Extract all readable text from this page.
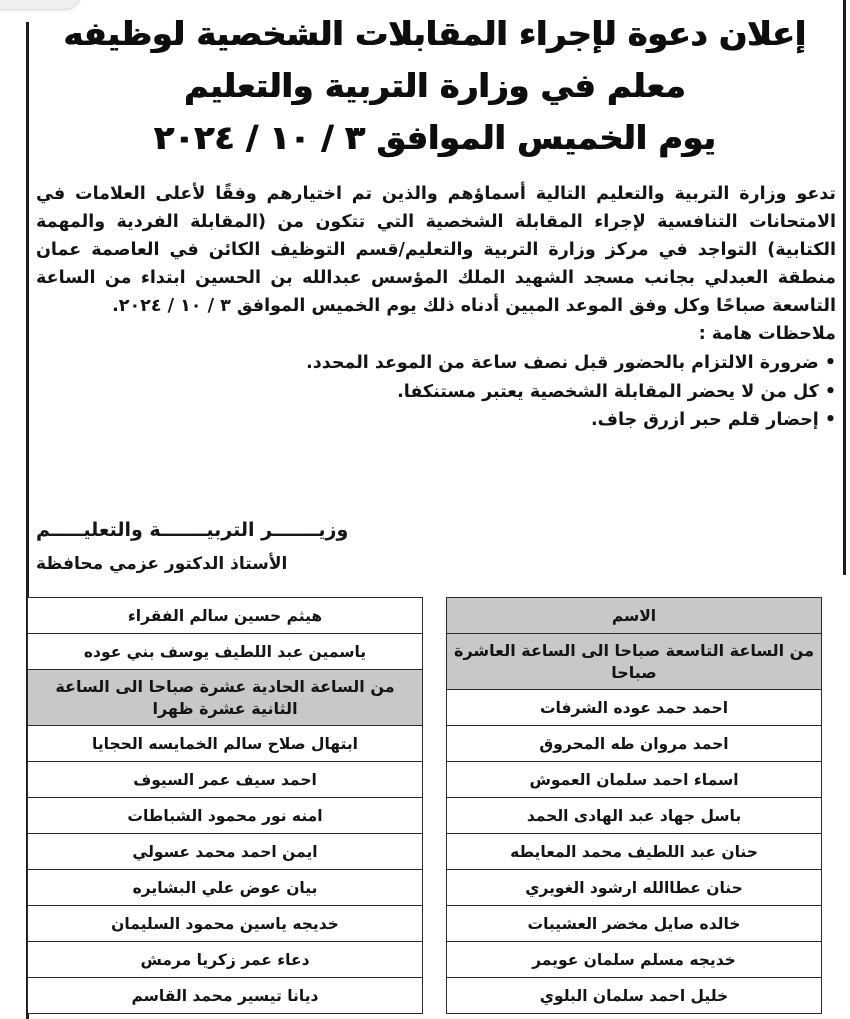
إعلان دعوة لإجراء المقابلات الشخصية لوظيفه
معلم في وزارة التربية والتعليم
يوم الخميس الموافق ٣ / ١٠ / ٢٠٢٤

تدعو وزارة التربية والتعليم التالية أسماؤهم والذين تم اختيارهم وفقًا لأعلى العلامات في الامتحانات التنافسية لإجراء المقابلة الشخصية التي تتكون من (المقابلة الفردية والمهمة الكتابية) التواجد في مركز وزارة التربية والتعليم/قسم التوظيف الكائن في العاصمة عمان منطقة العبدلي بجانب مسجد الشهيد الملك المؤسس عبدالله بن الحسين ابتداء من الساعة التاسعة صباحًا وكل وفق الموعد المبين أدناه ذلك يوم الخميس الموافق ٣ / ١٠ / ٢٠٢٤.

ملاحظات هامة :
• ضرورة الالتزام بالحضور قبل نصف ساعة من الموعد المحدد.
• كل من لا يحضر المقابلة الشخصية يعتبر مستنكفا.
• إحضار قلم حبر ازرق جاف.
وزيـــــــر التربيـــــــة والتعليـــــم
الأستاذ الدكتور عزمي محافظة
الاسم
من الساعة التاسعة صباحا الى الساعة العاشرة صباحا
احمد حمد عوده الشرفات
احمد مروان طه المحروق
اسماء احمد سلمان العموش
باسل جهاد عبد الهادى الحمد
حنان عبد اللطيف محمد المعايطه
حنان عطاالله ارشود الغويري
خالده صايل مخضر العشيبات
خديجه مسلم سلمان عويمر
خليل احمد سلمان البلوي
هيثم حسين سالم الفقراء
ياسمين عبد اللطيف يوسف بني عوده
من الساعة الحادية عشرة صباحا الى الساعة الثانية عشرة ظهرا
ابتهال صلاح سالم الخمايسه الحجايا
احمد سيف عمر السيوف
امنه نور محمود الشباطات
ايمن احمد محمد عسولي
بيان عوض علي البشايره
خديجه ياسين محمود السليمان
دعاء عمر زكريا مرمش
ديانا تيسير محمد القاسم
